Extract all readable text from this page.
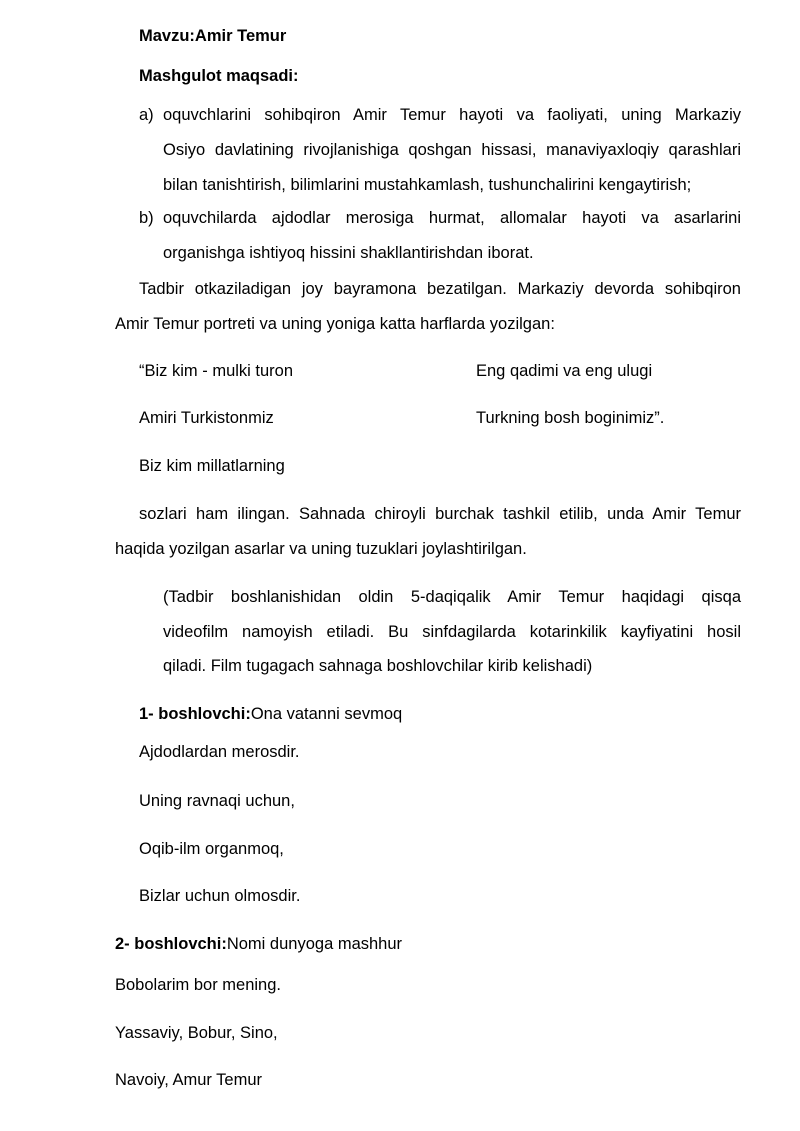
Mavzu:Amir Temur
Mashgulot maqsadi:
a) oquvchlarini sohibqiron Amir Temur hayoti va faoliyati, uning Markaziy
Osiyo davlatining rivojlanishiga qoshgan hissasi, manaviyaxloqiy qarashlari
bilan tanishtirish, bilimlarini mustahkamlash, tushunchalirini kengaytirish;
b) oquvchilarda ajdodlar merosiga hurmat, allomalar hayoti va asarlarini
organishga ishtiyoq hissini shakllantirishdan iborat.
Tadbir otkaziladigan joy bayramona bezatilgan. Markaziy devorda sohibqiron
Amir Temur portreti va uning yoniga katta harflarda yozilgan:
“Biz kim - mulki turon	Eng qadimi va eng ulugi
Amiri Turkistonmiz	Turkning bosh boginimiz”.
Biz kim millatlarning
sozlari ham ilingan. Sahnada chiroyli burchak tashkil etilib, unda Amir Temur
haqida yozilgan asarlar va uning tuzuklari joylashtirilgan.
(Tadbir boshlanishidan oldin 5-daqiqalik Amir Temur haqidagi qisqa
videofilm namoyish etiladi. Bu sinfdagilarda kotarinkilik kayfiyatini hosil
qiladi. Film tugagach sahnaga boshlovchilar kirib kelishadi)
1- boshlovchi:Ona vatanni sevmoq
Ajdodlardan merosdir.
Uning ravnaqi uchun,
Oqib-ilm organmoq,
Bizlar uchun olmosdir.
2- boshlovchi:Nomi dunyoga mashhur
Bobolarim bor mening.
Yassaviy, Bobur, Sino,
Navoiy, Amur Temur
